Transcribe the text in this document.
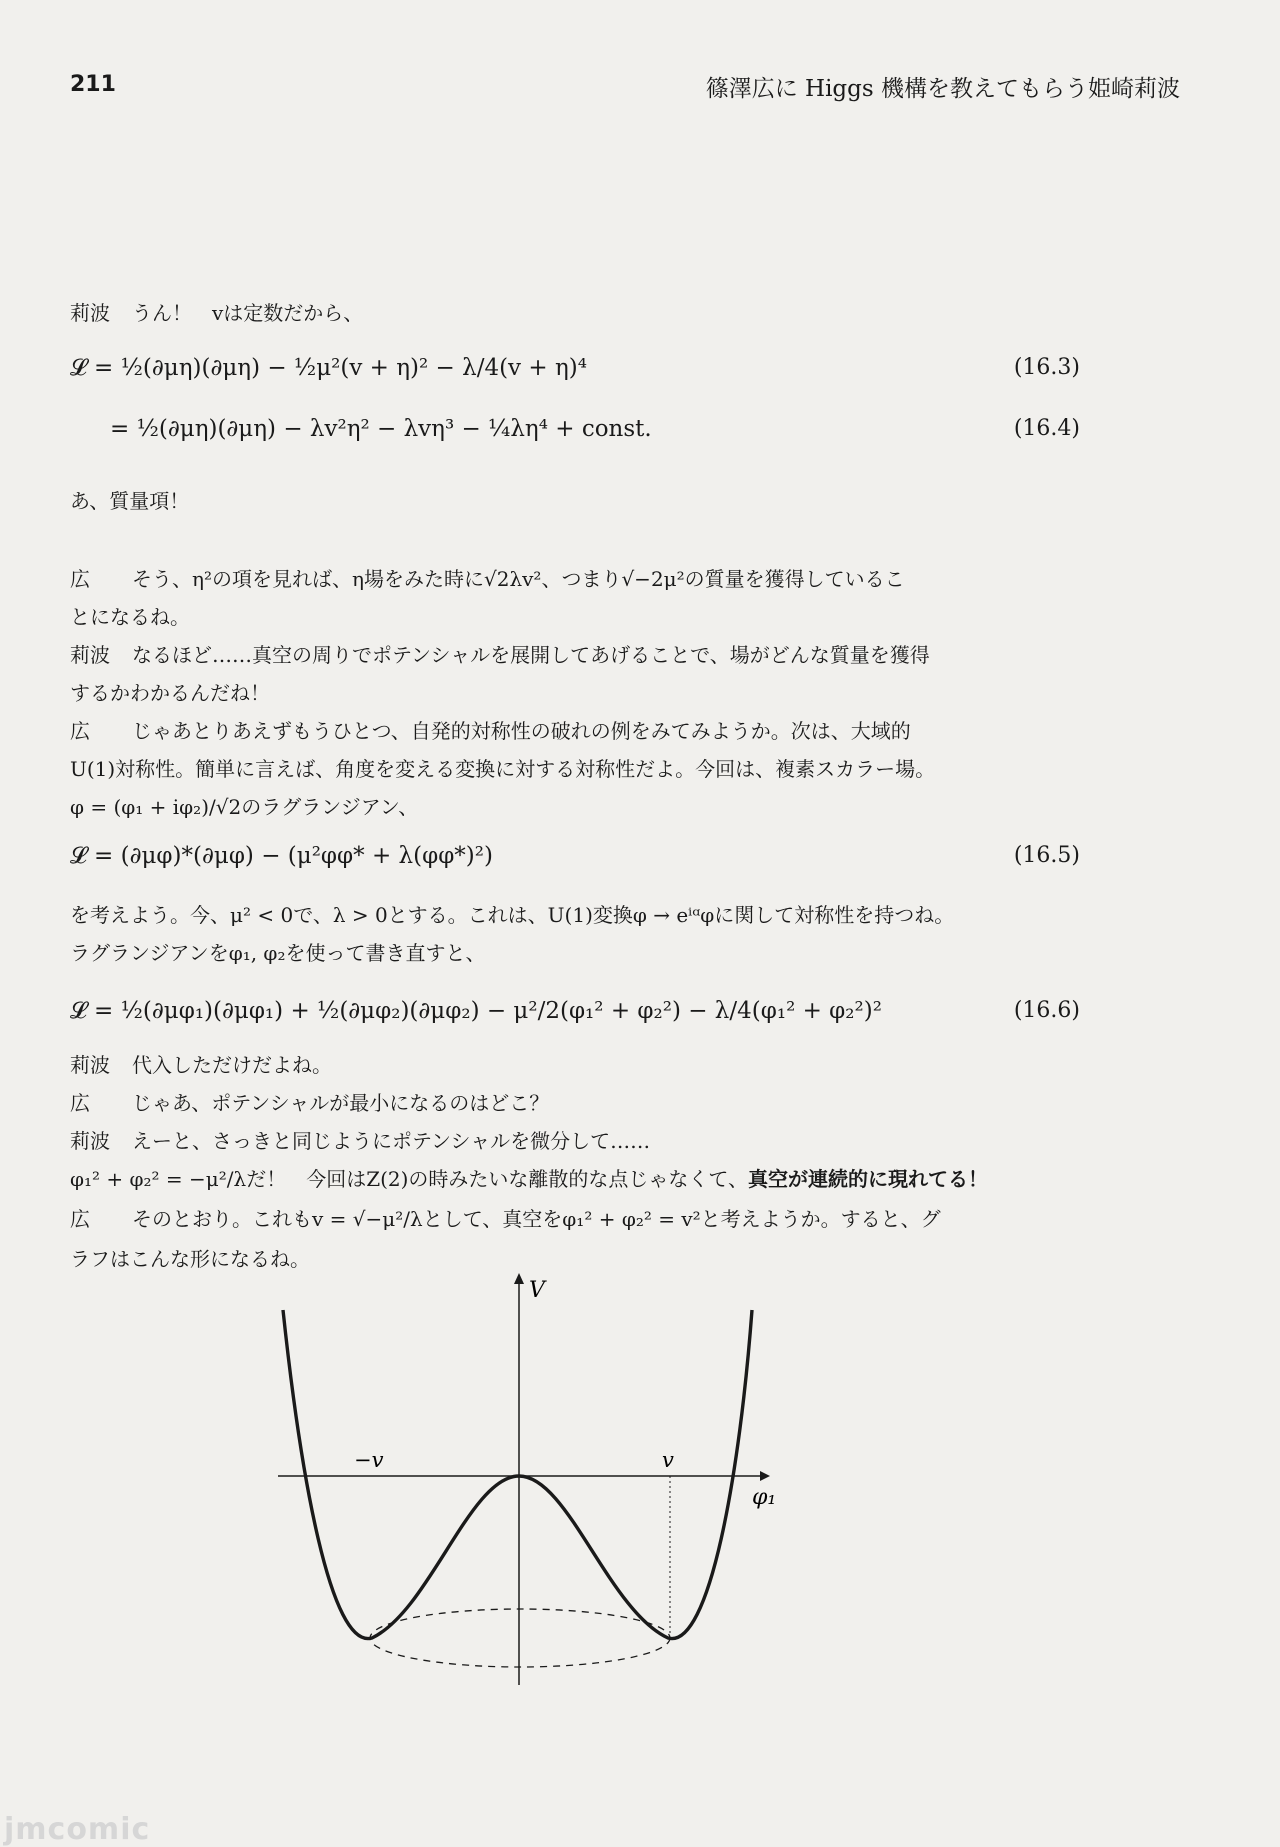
211	篠澤広に Higgs 機構を教えてもらう姫崎莉波
莉波 うん！　vは定数だから、
𝓛 = ½(∂μη)(∂μη) − ½μ²(v + η)² − λ/4(v + η)⁴	(16.3)
= ½(∂μη)(∂μη) − λv²η² − λvη³ − ¼λη⁴ + const.	(16.4)
あ、質量項！
広 そう、η²の項を見れば、η場をみた時に√2λv²、つまり√−2μ²の質量を獲得しているこ
とになるね。
莉波 なるほど……真空の周りでポテンシャルを展開してあげることで、場がどんな質量を獲得
するかわかるんだね！
広 じゃあとりあえずもうひとつ、自発的対称性の破れの例をみてみようか。次は、大域的
U(1)対称性。簡単に言えば、角度を変える変換に対する対称性だよ。今回は、複素スカラー場。
φ = (φ₁ + iφ₂)/√2のラグランジアン、
𝓛 = (∂μφ)*(∂μφ) − (μ²φφ* + λ(φφ*)²)	(16.5)
を考えよう。今、μ² < 0で、λ > 0とする。これは、U(1)変換φ → eⁱᵅφに関して対称性を持つね。
ラグランジアンをφ₁, φ₂を使って書き直すと、
𝓛 = ½(∂μφ₁)(∂μφ₁) + ½(∂μφ₂)(∂μφ₂) − μ²/2(φ₁² + φ₂²) − λ/4(φ₁² + φ₂²)²	(16.6)
莉波 代入しただけだよね。
広 じゃあ、ポテンシャルが最小になるのはどこ？
莉波 えーと、さっきと同じようにポテンシャルを微分して……
φ₁² + φ₂² = −μ²/λだ！　今回はZ(2)の時みたいな離散的な点じゃなくて、真空が連続的に現れてる！
広 そのとおり。これもv = √−μ²/λとして、真空をφ₁² + φ₂² = v²と考えようか。すると、グ
ラフはこんな形になるね。
V
φ₁
−v	v
jmcomic
